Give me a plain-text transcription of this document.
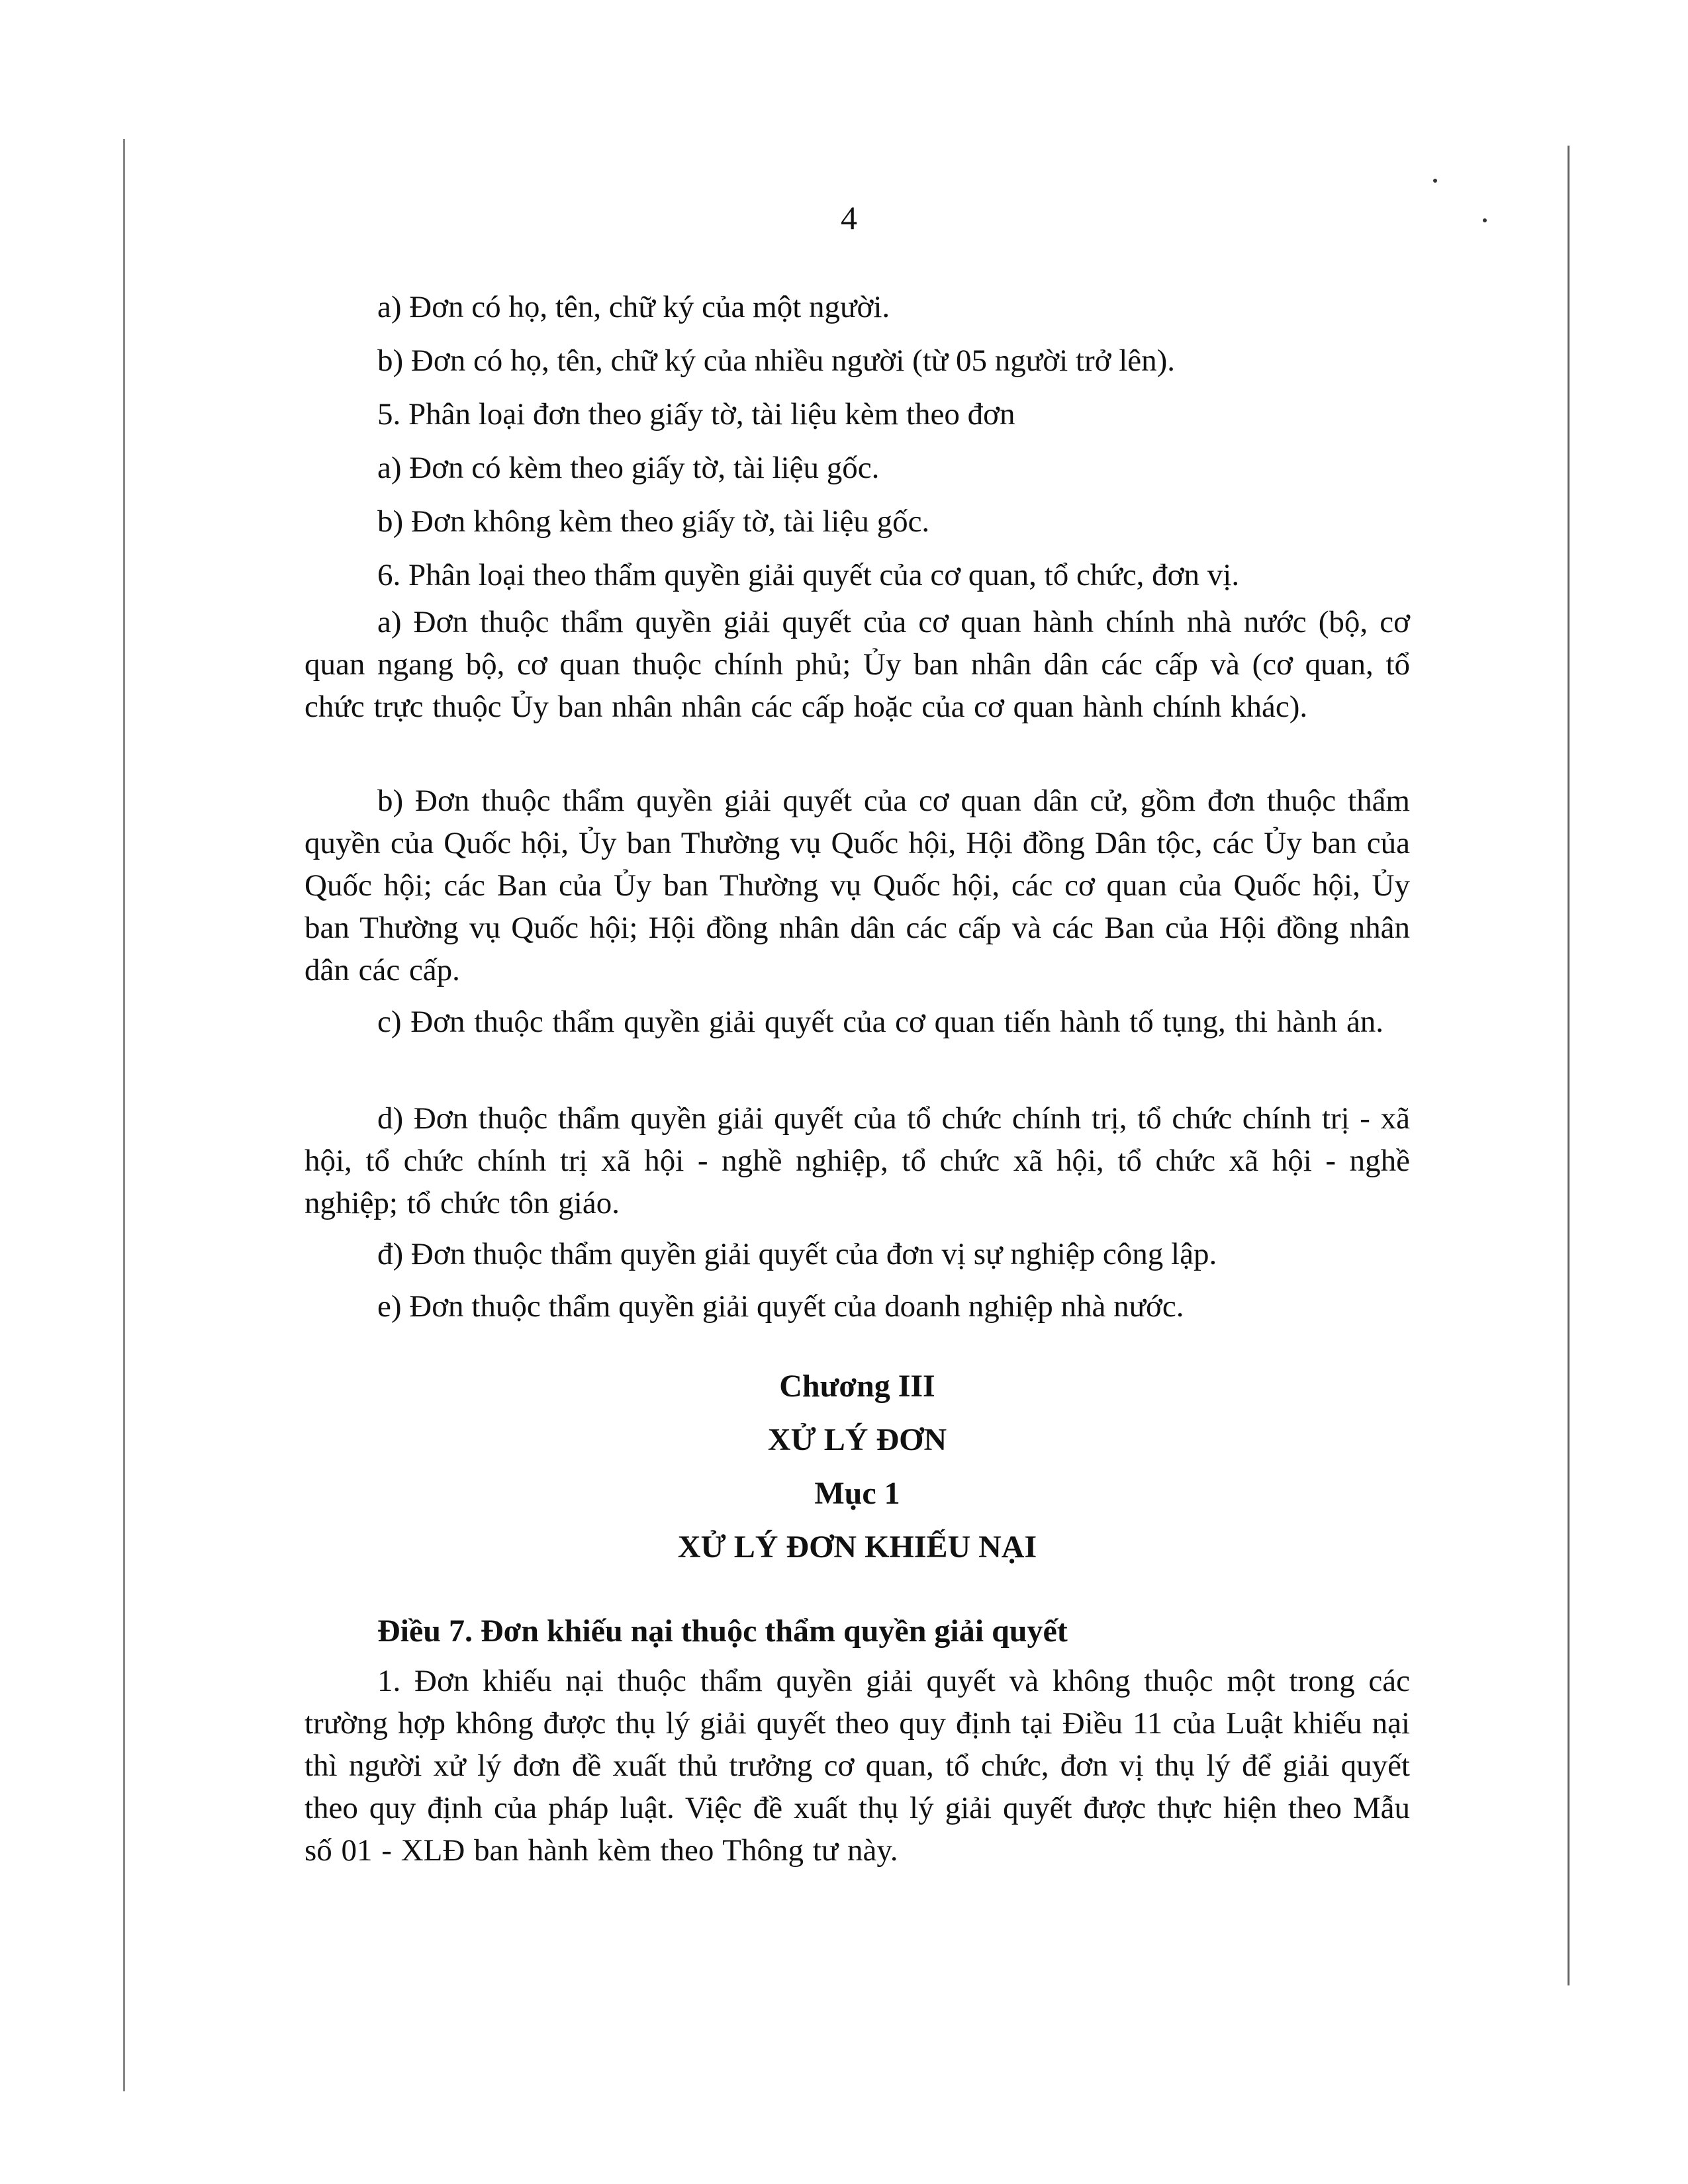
4
a) Đơn có họ, tên, chữ ký của một người.
b) Đơn có họ, tên, chữ ký của nhiều người (từ 05 người trở lên).
5. Phân loại đơn theo giấy tờ, tài liệu kèm theo đơn
a) Đơn có kèm theo giấy tờ, tài liệu gốc.
b) Đơn không kèm theo giấy tờ, tài liệu gốc.
6. Phân loại theo thẩm quyền giải quyết của cơ quan, tổ chức, đơn vị.
a) Đơn thuộc thẩm quyền giải quyết của cơ quan hành chính nhà nước (bộ, cơ quan ngang bộ, cơ quan thuộc chính phủ; Ủy ban nhân dân các cấp và (cơ quan, tổ chức trực thuộc Ủy ban nhân nhân các cấp hoặc của cơ quan hành chính khác).
b) Đơn thuộc thẩm quyền giải quyết của cơ quan dân cử, gồm đơn thuộc thẩm quyền của Quốc hội, Ủy ban Thường vụ Quốc hội, Hội đồng Dân tộc, các Ủy ban của Quốc hội; các Ban của Ủy ban Thường vụ Quốc hội, các cơ quan của Quốc hội, Ủy ban Thường vụ Quốc hội; Hội đồng nhân dân các cấp và các Ban của Hội đồng nhân dân các cấp.
c) Đơn thuộc thẩm quyền giải quyết của cơ quan tiến hành tố tụng, thi hành án.
d) Đơn thuộc thẩm quyền giải quyết của tổ chức chính trị, tổ chức chính trị - xã hội, tổ chức chính trị xã hội - nghề nghiệp, tổ chức xã hội, tổ chức xã hội - nghề nghiệp; tổ chức tôn giáo.
đ) Đơn thuộc thẩm quyền giải quyết của đơn vị sự nghiệp công lập.
e) Đơn thuộc thẩm quyền giải quyết của doanh nghiệp nhà nước.
Chương III
XỬ LÝ ĐƠN
Mục 1
XỬ LÝ ĐƠN KHIẾU NẠI
Điều 7. Đơn khiếu nại thuộc thẩm quyền giải quyết
1. Đơn khiếu nại thuộc thẩm quyền giải quyết và không thuộc một trong các trường hợp không được thụ lý giải quyết theo quy định tại Điều 11 của Luật khiếu nại thì người xử lý đơn đề xuất thủ trưởng cơ quan, tổ chức, đơn vị thụ lý để giải quyết theo quy định của pháp luật. Việc đề xuất thụ lý giải quyết được thực hiện theo Mẫu số 01 - XLĐ ban hành kèm theo Thông tư này.
